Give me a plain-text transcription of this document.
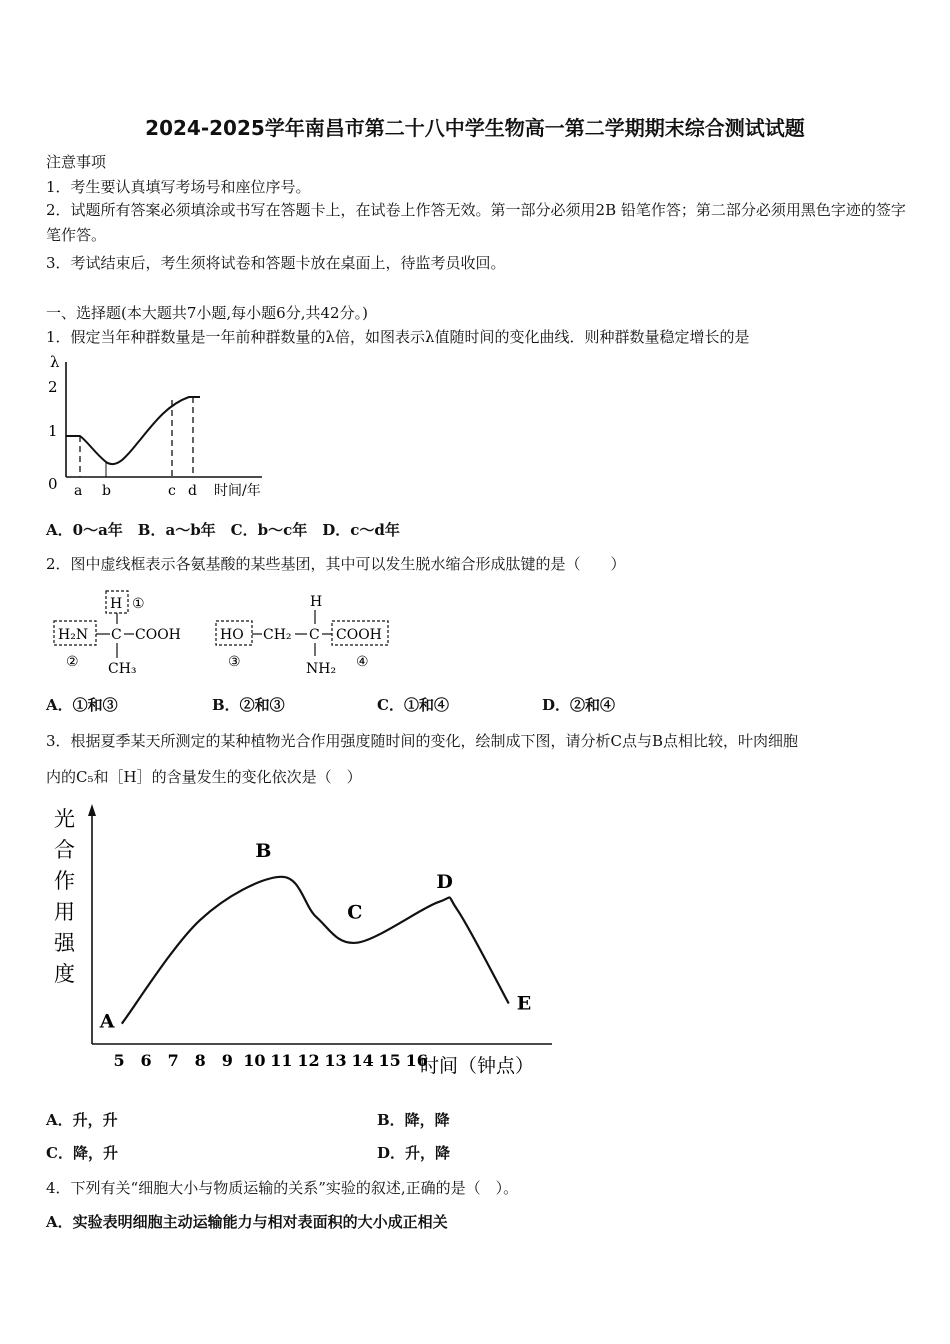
2024-2025学年南昌市第二十八中学生物高一第二学期期末综合测试试题
注意事项
1．考生要认真填写考场号和座位序号。
2．试题所有答案必须填涂或书写在答题卡上，在试卷上作答无效。第一部分必须用2B 铅笔作答；第二部分必须用黑色字迹的签字笔作答。
3．考试结束后，考生须将试卷和答题卡放在桌面上，待监考员收回。
一、选择题(本大题共7小题,每小题6分,共42分。)
1．假定当年种群数量是一年前种群数量的λ倍，如图表示λ值随时间的变化曲线．则种群数量稳定增长的是
λ
2
1
0 a b	c d 时间/年
A．0～a年　B．a～b年　C．b～c年　D．c～d年
2．图中虚线框表示各氨基酸的某些基团，其中可以发生脱水缩合形成肽键的是（　　）
H ①
H₂N C COOH
② CH₃
HO CH₂
H
C COOH
③	NH₂ ④
A．①和③	B．②和③	C．①和④	D．②和④
3．根据夏季某天所测定的某种植物光合作用强度随时间的变化，绘制成下图，请分析C点与B点相比较，叶肉细胞
内的C₅和［H］的含量发生的变化依次是（　）
光
合
作
用
强
度
5 6 7 8 9 10 11 12 13 14 15 16
A
B
C
D
E
时间（钟点）
A．升，升	B．降，降
C．降，升	D．升，降
4．下列有关“细胞大小与物质运输的关系”实验的叙述,正确的是（　）。
A．实验表明细胞主动运输能力与相对表面积的大小成正相关
